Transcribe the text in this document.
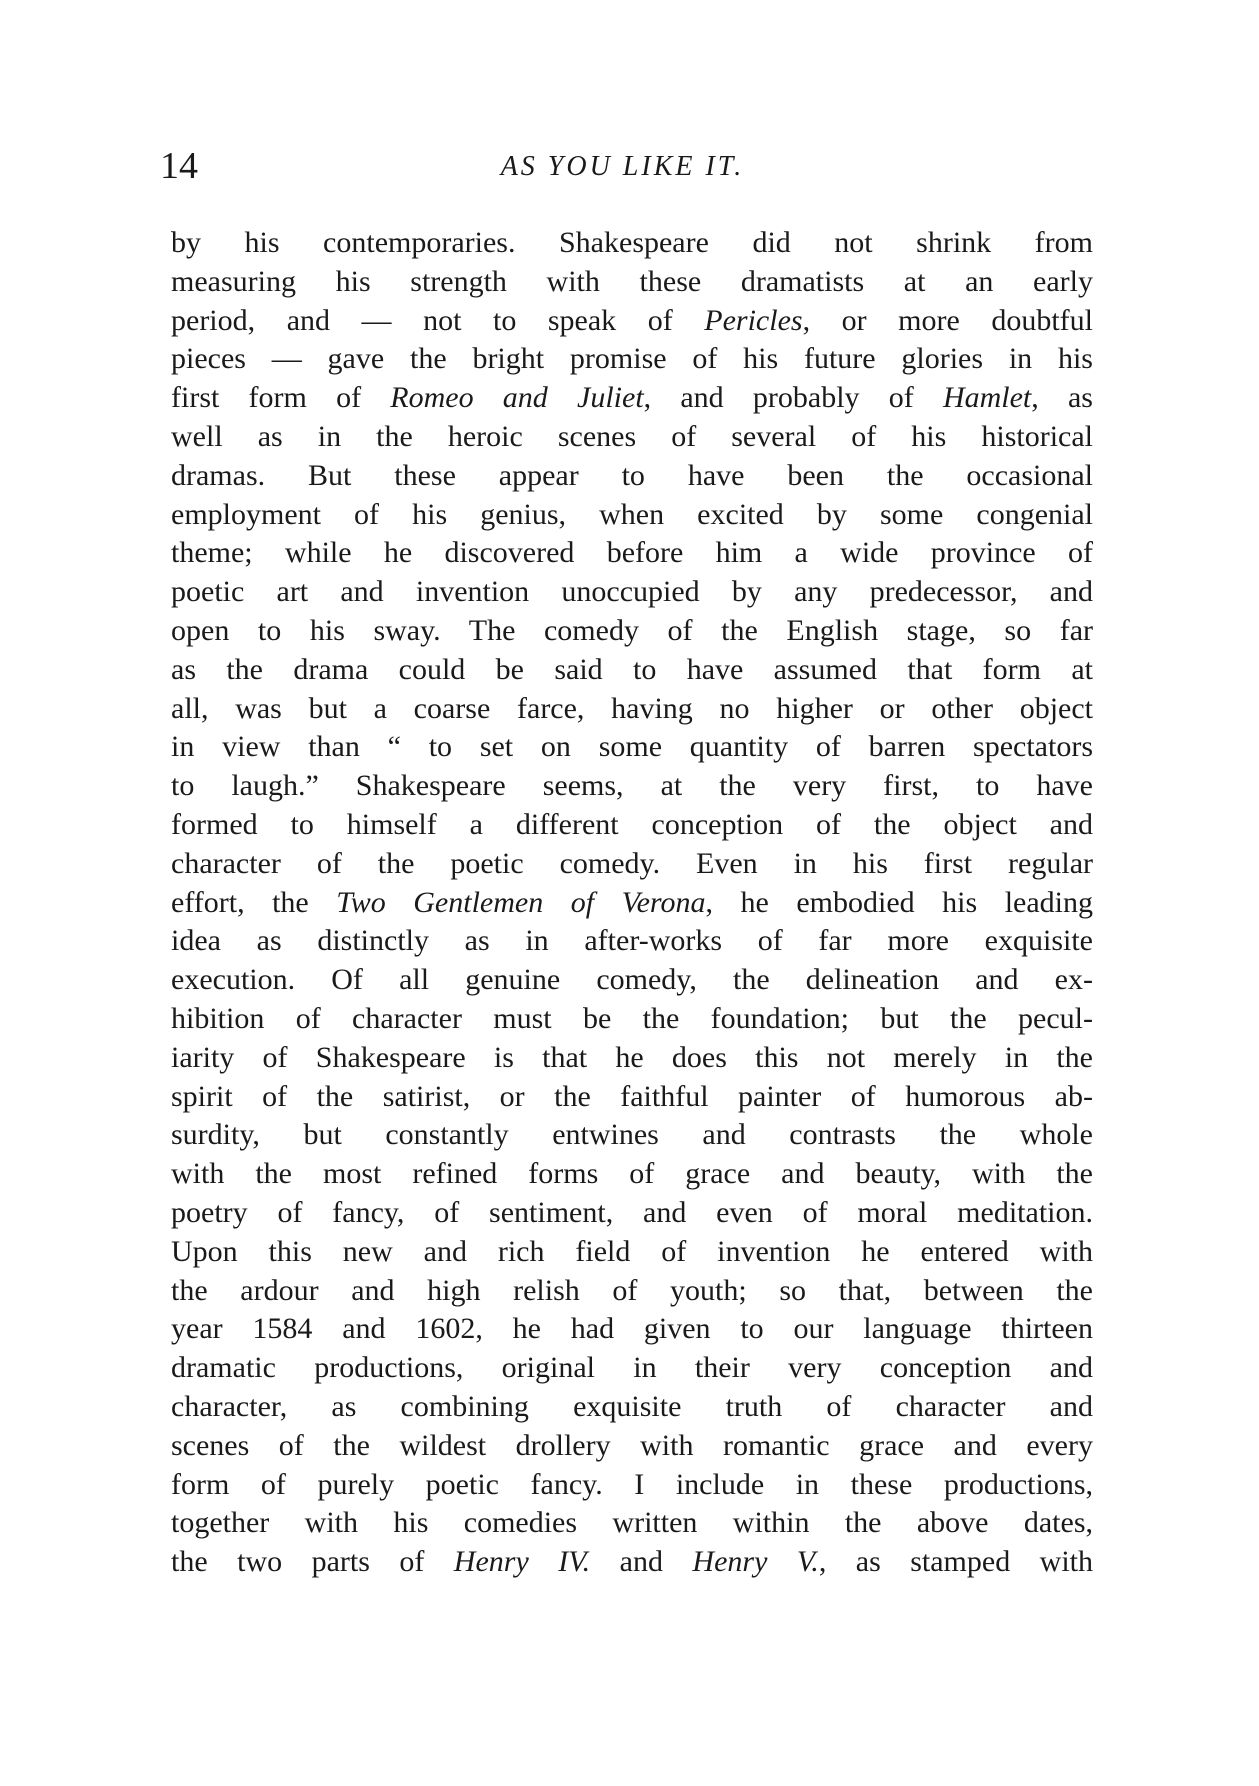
14	AS YOU LIKE IT.
by his contemporaries. Shakespeare did not shrink from
measuring his strength with these dramatists at an early
period, and — not to speak of Pericles, or more doubtful
pieces — gave the bright promise of his future glories in his
first form of Romeo and Juliet, and probably of Hamlet, as
well as in the heroic scenes of several of his historical
dramas. But these appear to have been the occasional
employment of his genius, when excited by some congenial
theme; while he discovered before him a wide province of
poetic art and invention unoccupied by any predecessor, and
open to his sway. The comedy of the English stage, so far
as the drama could be said to have assumed that form at
all, was but a coarse farce, having no higher or other object
in view than “ to set on some quantity of barren spectators
to laugh.” Shakespeare seems, at the very first, to have
formed to himself a different conception of the object and
character of the poetic comedy. Even in his first regular
effort, the Two Gentlemen of Verona, he embodied his leading
idea as distinctly as in after-works of far more exquisite
execution. Of all genuine comedy, the delineation and ex-
hibition of character must be the foundation; but the pecul-
iarity of Shakespeare is that he does this not merely in the
spirit of the satirist, or the faithful painter of humorous ab-
surdity, but constantly entwines and contrasts the whole
with the most refined forms of grace and beauty, with the
poetry of fancy, of sentiment, and even of moral meditation.
Upon this new and rich field of invention he entered with
the ardour and high relish of youth; so that, between the
year 1584 and 1602, he had given to our language thirteen
dramatic productions, original in their very conception and
character, as combining exquisite truth of character and
scenes of the wildest drollery with romantic grace and every
form of purely poetic fancy. I include in these productions,
together with his comedies written within the above dates,
the two parts of Henry IV. and Henry V., as stamped with
